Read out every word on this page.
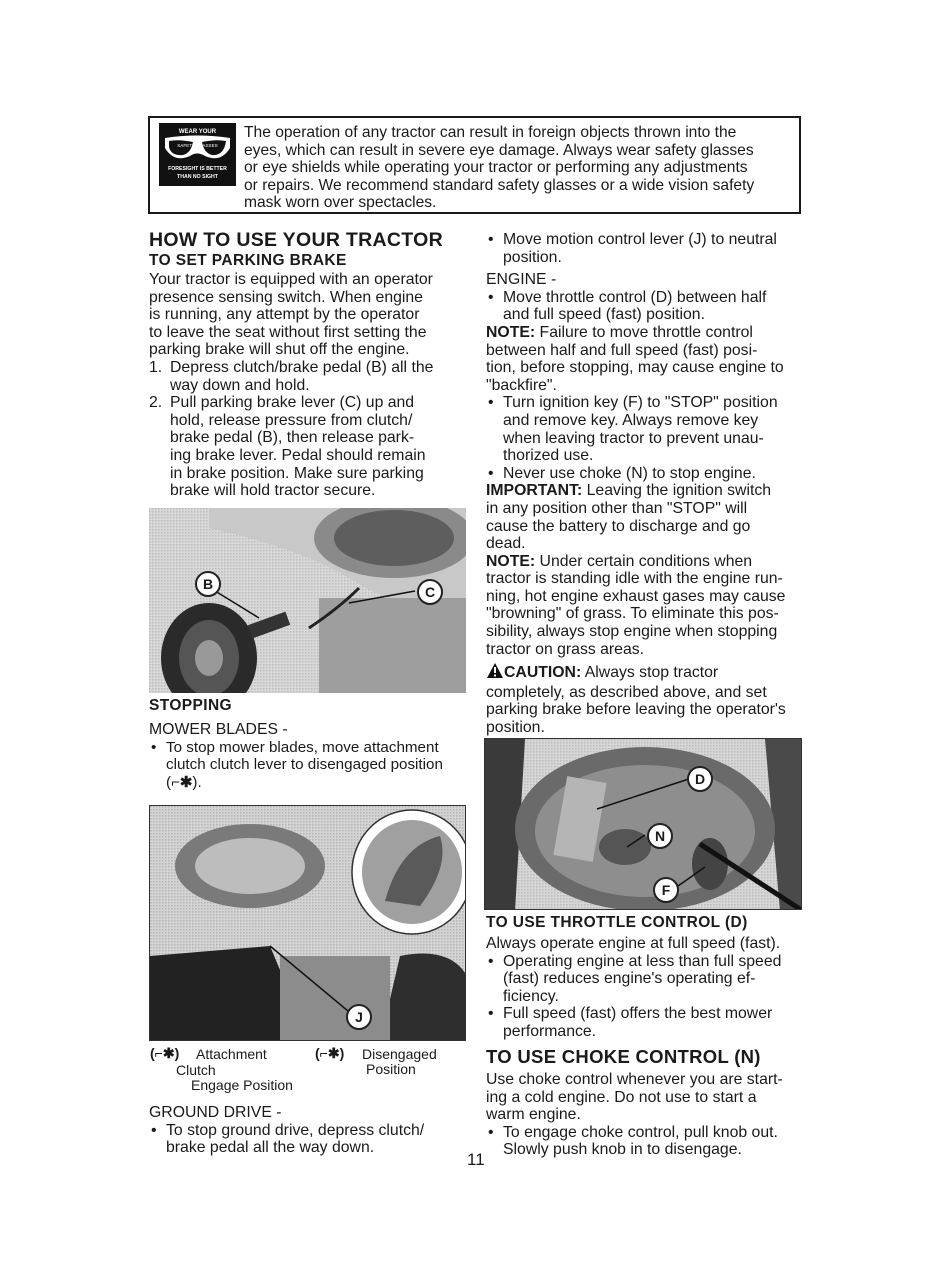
WEAR YOUR
SAFETY GLASSES
FORESIGHT IS BETTER
THAN NO SIGHT
The operation of any tractor can result in foreign objects thrown into the
eyes, which can result in severe eye damage. Always wear safety glasses
or eye shields while operating your tractor or performing any adjustments
or repairs. We recommend standard safety glasses or a wide vision safety
mask worn over spectacles.
HOW TO USE YOUR TRACTOR
TO SET PARKING BRAKE
Your tractor is equipped with an operator
presence sensing switch. When engine
is running, any attempt by the operator
to leave the seat without first setting the
parking brake will shut off the engine.
1. Depress clutch/brake pedal (B) all the
way down and hold.
2. Pull parking brake lever (C) up and
hold, release pressure from clutch/
brake pedal (B), then release park-
ing brake lever. Pedal should remain
in brake position. Make sure parking
brake will hold tractor secure.
B	C
STOPPING
MOWER BLADES -
• To stop mower blades, move attachment
clutch clutch lever to disengaged position
(⌐✱).
J
(⌐✱) Attachment
Clutch
Engage Position
(⌐✱) Disengaged
Position
GROUND DRIVE -
• To stop ground drive, depress clutch/
brake pedal all the way down.
• Move motion control lever (J) to neutral
position.
ENGINE -
• Move throttle control (D) between half
and full speed (fast) position.
NOTE: Failure to move throttle control
between half and full speed (fast) posi-
tion, before stopping, may cause engine to
"backfire".
• Turn ignition key (F) to "STOP" position
and remove key. Always remove key
when leaving tractor to prevent unau-
thorized use.
• Never use choke (N) to stop engine.
IMPORTANT: Leaving the ignition switch
in any position other than "STOP" will
cause the battery to discharge and go
dead.
NOTE: Under certain conditions when
tractor is standing idle with the engine run-
ning, hot engine exhaust gases may cause
"browning" of grass. To eliminate this pos-
sibility, always stop engine when stopping
tractor on grass areas.
CAUTION: Always stop tractor
completely, as described above, and set
parking brake before leaving the operator's
position.
D
N
F
TO USE THROTTLE CONTROL (D)
Always operate engine at full speed (fast).
• Operating engine at less than full speed
(fast) reduces engine's operating ef-
ficiency.
• Full speed (fast) offers the best mower
performance.
TO USE CHOKE CONTROL (N)
Use choke control whenever you are start-
ing a cold engine. Do not use to start a
warm engine.
• To engage choke control, pull knob out.
Slowly push knob in to disengage.
11
